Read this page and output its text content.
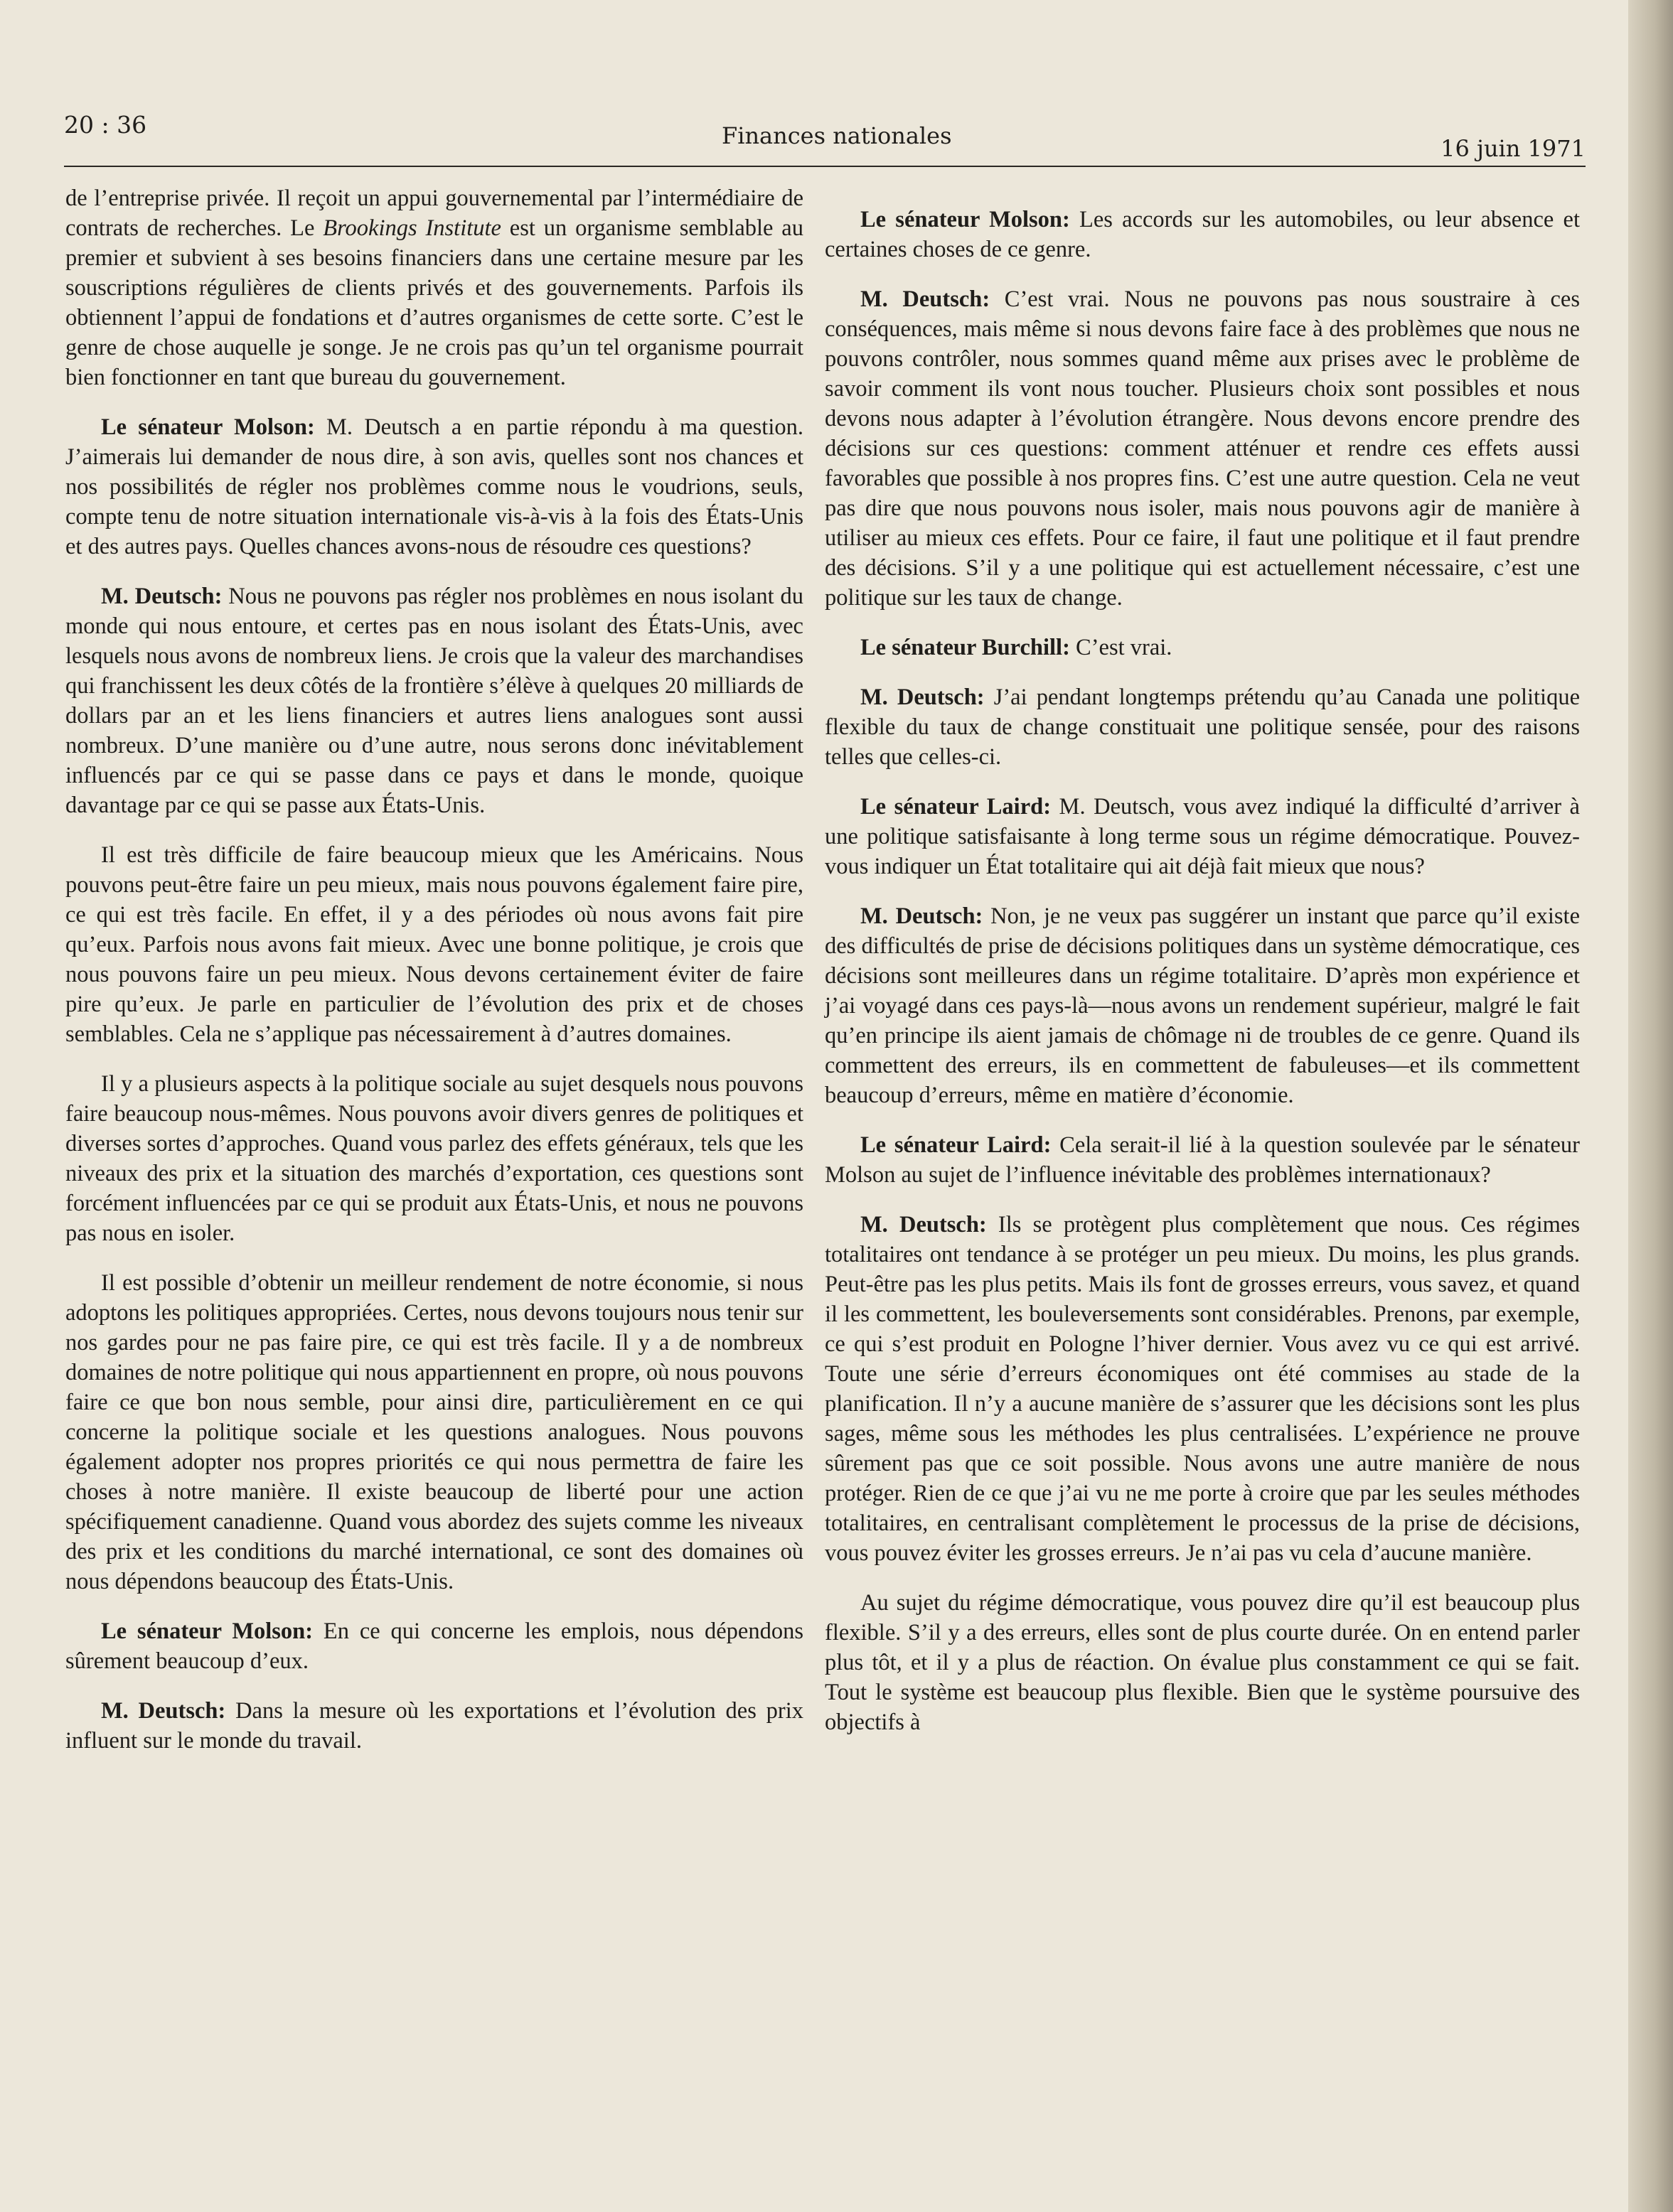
20 : 36	Finances nationales	16 juin 1971

de l’entreprise privée. Il reçoit un appui gouvernemental par l’intermédiaire de contrats de recherches. Le Brookings Institute est un organisme semblable au premier et subvient à ses besoins financiers dans une certaine mesure par les souscriptions régulières de clients privés et des gouvernements. Parfois ils obtiennent l’appui de fondations et d’autres organismes de cette sorte. C’est le genre de chose auquelle je songe. Je ne crois pas qu’un tel organisme pourrait bien fonctionner en tant que bureau du gouvernement.

Le sénateur Molson: M. Deutsch a en partie répondu à ma question. J’aimerais lui demander de nous dire, à son avis, quelles sont nos chances et nos possibilités de régler nos problèmes comme nous le voudrions, seuls, compte tenu de notre situation internationale vis-à-vis à la fois des États-Unis et des autres pays. Quelles chances avons-nous de résoudre ces questions?

M. Deutsch: Nous ne pouvons pas régler nos problèmes en nous isolant du monde qui nous entoure, et certes pas en nous isolant des États-Unis, avec lesquels nous avons de nombreux liens. Je crois que la valeur des marchandises qui franchissent les deux côtés de la frontière s’élève à quelques 20 milliards de dollars par an et les liens financiers et autres liens analogues sont aussi nombreux. D’une manière ou d’une autre, nous serons donc inévitablement influencés par ce qui se passe dans ce pays et dans le monde, quoique davantage par ce qui se passe aux États-Unis.

Il est très difficile de faire beaucoup mieux que les Américains. Nous pouvons peut-être faire un peu mieux, mais nous pouvons également faire pire, ce qui est très facile. En effet, il y a des périodes où nous avons fait pire qu’eux. Parfois nous avons fait mieux. Avec une bonne politique, je crois que nous pouvons faire un peu mieux. Nous devons certainement éviter de faire pire qu’eux. Je parle en particulier de l’évolution des prix et de choses semblables. Cela ne s’applique pas nécessairement à d’autres domaines.

Il y a plusieurs aspects à la politique sociale au sujet desquels nous pouvons faire beaucoup nous-mêmes. Nous pouvons avoir divers genres de politiques et diverses sortes d’approches. Quand vous parlez des effets généraux, tels que les niveaux des prix et la situation des marchés d’exportation, ces questions sont forcément influencées par ce qui se produit aux États-Unis, et nous ne pouvons pas nous en isoler.

Il est possible d’obtenir un meilleur rendement de notre économie, si nous adoptons les politiques appropriées. Certes, nous devons toujours nous tenir sur nos gardes pour ne pas faire pire, ce qui est très facile. Il y a de nombreux domaines de notre politique qui nous appartiennent en propre, où nous pouvons faire ce que bon nous semble, pour ainsi dire, particulièrement en ce qui concerne la politique sociale et les questions analogues. Nous pouvons également adopter nos propres priorités ce qui nous permettra de faire les choses à notre manière. Il existe beaucoup de liberté pour une action spécifiquement canadienne. Quand vous abordez des sujets comme les niveaux des prix et les conditions du marché international, ce sont des domaines où nous dépendons beaucoup des États-Unis.

Le sénateur Molson: En ce qui concerne les emplois, nous dépendons sûrement beaucoup d’eux.

M. Deutsch: Dans la mesure où les exportations et l’évolution des prix influent sur le monde du travail.

Le sénateur Molson: Les accords sur les automobiles, ou leur absence et certaines choses de ce genre.

M. Deutsch: C’est vrai. Nous ne pouvons pas nous soustraire à ces conséquences, mais même si nous devons faire face à des problèmes que nous ne pouvons contrôler, nous sommes quand même aux prises avec le problème de savoir comment ils vont nous toucher. Plusieurs choix sont possibles et nous devons nous adapter à l’évolution étrangère. Nous devons encore prendre des décisions sur ces questions: comment atténuer et rendre ces effets aussi favorables que possible à nos propres fins. C’est une autre question. Cela ne veut pas dire que nous pouvons nous isoler, mais nous pouvons agir de manière à utiliser au mieux ces effets. Pour ce faire, il faut une politique et il faut prendre des décisions. S’il y a une politique qui est actuellement nécessaire, c’est une politique sur les taux de change.

Le sénateur Burchill: C’est vrai.

M. Deutsch: J’ai pendant longtemps prétendu qu’au Canada une politique flexible du taux de change constituait une politique sensée, pour des raisons telles que celles-ci.

Le sénateur Laird: M. Deutsch, vous avez indiqué la difficulté d’arriver à une politique satisfaisante à long terme sous un régime démocratique. Pouvez-vous indiquer un État totalitaire qui ait déjà fait mieux que nous?

M. Deutsch: Non, je ne veux pas suggérer un instant que parce qu’il existe des difficultés de prise de décisions politiques dans un système démocratique, ces décisions sont meilleures dans un régime totalitaire. D’après mon expérience et j’ai voyagé dans ces pays-là—nous avons un rendement supérieur, malgré le fait qu’en principe ils aient jamais de chômage ni de troubles de ce genre. Quand ils commettent des erreurs, ils en commettent de fabuleuses—et ils commettent beaucoup d’erreurs, même en matière d’économie.

Le sénateur Laird: Cela serait-il lié à la question soulevée par le sénateur Molson au sujet de l’influence inévitable des problèmes internationaux?

M. Deutsch: Ils se protègent plus complètement que nous. Ces régimes totalitaires ont tendance à se protéger un peu mieux. Du moins, les plus grands. Peut-être pas les plus petits. Mais ils font de grosses erreurs, vous savez, et quand il les commettent, les bouleversements sont considérables. Prenons, par exemple, ce qui s’est produit en Pologne l’hiver dernier. Vous avez vu ce qui est arrivé. Toute une série d’erreurs économiques ont été commises au stade de la planification. Il n’y a aucune manière de s’assurer que les décisions sont les plus sages, même sous les méthodes les plus centralisées. L’expérience ne prouve sûrement pas que ce soit possible. Nous avons une autre manière de nous protéger. Rien de ce que j’ai vu ne me porte à croire que par les seules méthodes totalitaires, en centralisant complètement le processus de la prise de décisions, vous pouvez éviter les grosses erreurs. Je n’ai pas vu cela d’aucune manière.

Au sujet du régime démocratique, vous pouvez dire qu’il est beaucoup plus flexible. S’il y a des erreurs, elles sont de plus courte durée. On en entend parler plus tôt, et il y a plus de réaction. On évalue plus constamment ce qui se fait. Tout le système est beaucoup plus flexible. Bien que le système poursuive des objectifs à
